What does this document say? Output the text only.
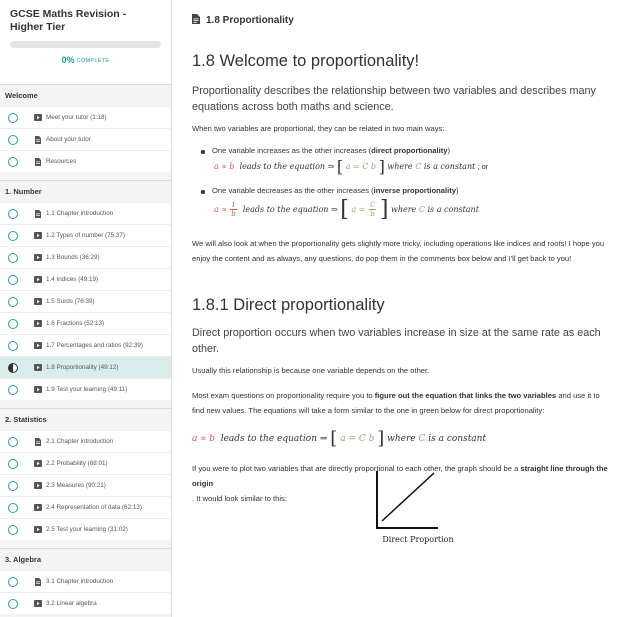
GCSE Maths Revision - Higher Tier
0% COMPLETE
Welcome
Meet your tutor (1:18)
About your tutor
Resources
1. Number
1.1 Chapter introduction
1.2 Types of number (75:37)
1.3 Bounds (36:29)
1.4 Indices (49:19)
1.5 Surds (76:39)
1.6 Fractions (52:13)
1.7 Percentages and ratios (92:39)
1.8 Proportionality (49:12)
1.9 Test your learning (49:11)
2. Statistics
2.1 Chapter introduction
2.2 Probability (88:01)
2.3 Measures (90:21)
2.4 Representation of data (62:13)
2.5 Test your learning (31:02)
3. Algebra
3.1 Chapter introduction
3.2 Linear algebra
1.8 Proportionality
1.8 Welcome to proportionality!
Proportionality describes the relationship between two variables and describes many equations across both maths and science.
When two variables are proportional, they can be related in two main ways:
One variable increases as the other increases (direct proportionality)
a
∝
b
leads to the equation
⇒
[
a = C b
]
where
C
is a constant ; or
One variable decreases as the other increases (inverse proportionality)
a
∝
$\frac{1}{b}$
leads to the equation
⇒
[
a =
$\frac{C}{b}$
]
where
C
is a constant
We will also look at when the proportionality gets slightly more tricky, including operations like indices and roots! I hope you enjoy the content and as always, any questions, do pop them in the comments box below and I'll get back to you!
1.8.1 Direct proportionality
Direct proportion occurs when two variables increase in size at the same rate as each other.
Usually this relationship is because one variable depends on the other.
Most exam questions on proportionality require you to figure out the equation that links the two variables and use it to find new values. The equations will take a form similar to the one in green below for direct proportionality:
a
∝
b
leads to the equation
⇒
[
a = C b
]
where
C
is a constant
If you were to plot two variables that are directly proportional to each other, the graph should be a straight line through the origin
Direct Proportion
. It would look similar to this:
